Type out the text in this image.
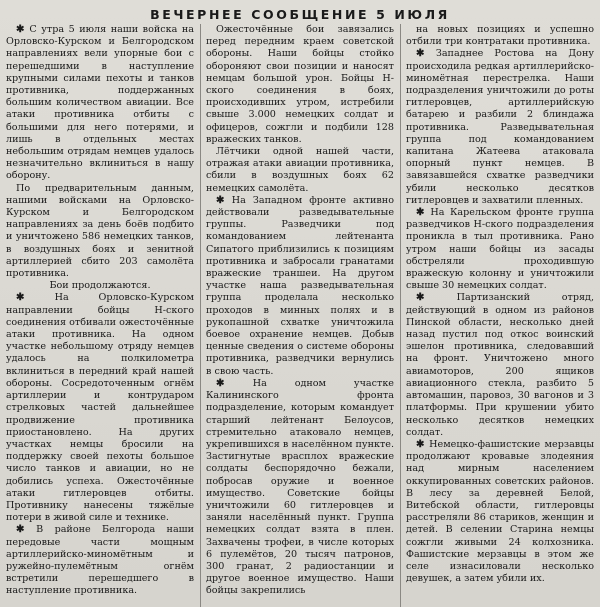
ВЕЧЕРНЕЕ СООБЩЕНИЕ 5 ИЮЛЯ

✱ С утра 5 июля наши войска на Орловско-Курском и Белгородском направлениях вели упорные бои с перешедшими в наступление крупными силами пехоты и танков противника, поддержанных большим количеством авиации. Все атаки противника отбиты с большими для него потерями, и лишь в отдельных местах небольшим отрядам немцев удалось незначительно вклиниться в нашу оборону.

По предварительным данным, нашими войсками на Орловско-Курском и Белгородском направлениях за день боёв подбито и уничтожено 586 немецких танков, в воздушных боях и зенитной артиллерией сбито 203 самолёта противника.

Бои продолжаются.

✱ На Орловско-Курском направлении бойцы Н-ского соединения отбивали ожесточённые атаки противника. На одном участке небольшому отряду немцев удалось на полкилометра вклиниться в передний край нашей обороны. Сосредоточенным огнём артиллерии и контрударом стрелковых частей дальнейшее продвижение противника приостановлено. На других участках немцы бросили на поддержку своей пехоты большое число танков и авиации, но не добились успеха. Ожесточённые атаки гитлеровцев отбиты. Противнику нанесены тяжёлые потери в живой силе и технике.

✱ В районе Белгорода наши передовые части мощным артиллерийско-миномётным и ружейно-пулемётным огнём встретили перешедшего в наступление противника.

Ожесточённые бои завязались перед передним краем советской обороны. Наши бойцы стойко обороняют свои позиции и наносят немцам большой урон. Бойцы Н-ского соединения в боях, происходивших утром, истребили свыше 3.000 немецких солдат и офицеров, сожгли и подбили 128 вражеских танков.

Лётчики одной нашей части, отражая атаки авиации противника, сбили в воздушных боях 62 немецких самолёта.

✱ На Западном фронте активно действовали разведывательные группы. Разведчики под командованием лейтенанта Сипатого приблизились к позициям противника и забросали гранатами вражеские траншеи. На другом участке наша разведывательная группа проделала несколько проходов в минных полях и в рукопашной схватке уничтожила боевое охранение немцев. Добыв ценные сведения о системе обороны противника, разведчики вернулись в свою часть.

✱ На одном участке Калининского фронта подразделение, которым командует старший лейтенант Белоусов, стремительно атаковало немцев, укрепившихся в населённом пункте. Застигнутые врасплох вражеские солдаты беспорядочно бежали, побросав оружие и военное имущество. Советские бойцы уничтожили 60 гитлеровцев и заняли населённый пункт. Группа немецких солдат взята в плен. Захвачены трофеи, в числе которых 6 пулемётов, 20 тысяч патронов, 300 гранат, 2 радиостанции и другое военное имущество. Наши бойцы закрепились

на новых позициях и успешно отбили три контратаки противника.

✱ Западнее Ростова на Дону происходила редкая артиллерийско-миномётная перестрелка. Наши подразделения уничтожили до роты гитлеровцев, артиллерийскую батарею и разбили 2 блиндажа противника. Разведывательная группа под командованием капитана Жатеева атаковала опорный пункт немцев. В завязавшейся схватке разведчики убили несколько десятков гитлеровцев и захватили пленных.

✱ На Карельском фронте группа разведчиков Н-ского подразделения проникла в тыл противника. Рано утром наши бойцы из засады обстреляли проходившую вражескую колонну и уничтожили свыше 30 немецких солдат.

✱ Партизанский отряд, действующий в одном из районов Пинской области, несколько дней назад пустил под откос воинский эшелон противника, следовавший на фронт. Уничтожено много авиамоторов, 200 ящиков авиационного стекла, разбито 5 автомашин, паровоз, 30 вагонов и 3 платформы. При крушении убито несколько десятков немецких солдат.

✱ Немецко-фашистские мерзавцы продолжают кровавые злодеяния над мирным населением оккупированных советских районов. В лесу за деревней Белой, Витебской области, гитлеровцы расстреляли 86 стариков, женщин и детей. В селении Старина немцы сожгли живыми 24 колхозника. Фашистские мерзавцы в этом же селе изнасиловали несколько девушек, а затем убили их.
